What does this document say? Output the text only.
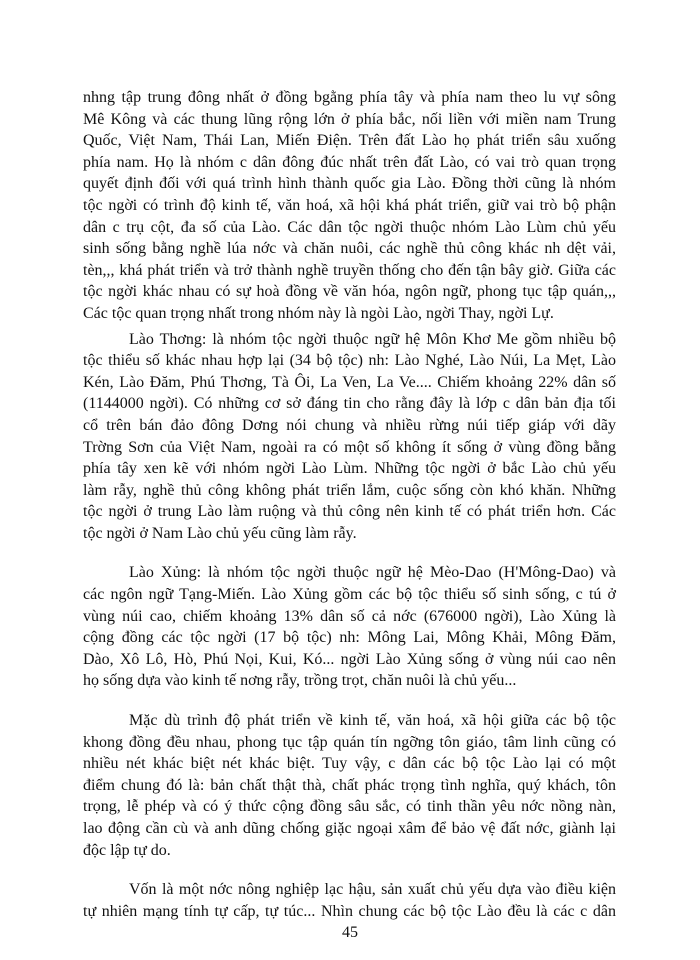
nhng tập trung đông nhất ở đồng bgằng phía tây và phía nam theo lu vự sông
Mê Kông và các thung lũng rộng lớn ở phía bắc, nối liền với miền nam Trung
Quốc, Việt Nam, Thái Lan, Miến Điện. Trên đất Lào họ phát triển sâu xuống
phía nam. Họ là nhóm c dân đông đúc nhất trên đất Lào, có vai trò quan trọng
quyết định đối với quá trình hình thành quốc gia Lào. Đồng thời cũng là nhóm
tộc ngời có trình độ kinh tế, văn hoá, xã hội khá phát triển, giữ vai trò bộ phận
dân c trụ cột, đa số của Lào. Các dân tộc ngời thuộc nhóm Lào Lùm chủ yếu
sinh sống bằng nghề lúa nớc và chăn nuôi, các nghề thủ công khác nh dệt vải,
tèn,,, khá phát triển và trở thành nghề truyền thống cho đến tận bây giờ. Giữa các
tộc ngời khác nhau có sự hoà đồng về văn hóa, ngôn ngữ, phong tục tập quán,,,
Các tộc quan trọng nhất trong nhóm này là ngòi Lào, ngời Thay, ngời Lự.
Lào Thơng: là nhóm tộc ngời thuộc ngữ hệ Môn Khơ Me gồm nhiều bộ
tộc thiểu số khác nhau hợp lại (34 bộ tộc) nh: Lào Nghé, Lào Núi, La Mẹt, Lào
Kén, Lào Đăm, Phú Thơng, Tà Ôi, La Ven, La Ve.... Chiếm khoảng 22% dân số
(1144000 ngời). Có những cơ sở đáng tin cho rằng đây là lớp c dân bản địa tối
cổ trên bán đảo đông Dơng nói chung và nhiều rừng núi tiếp giáp với dãy
Trờng Sơn của Việt Nam, ngoài ra có một số không ít sống ở vùng đồng bằng
phía tây xen kẽ với nhóm ngời Lào Lùm. Những tộc ngời ở bắc Lào chủ yếu
làm rẫy, nghề thủ công không phát triển lắm, cuộc sống còn khó khăn. Những
tộc ngời ở trung Lào làm ruộng và thủ công nên kinh tế có phát triển hơn. Các
tộc ngời ở Nam Lào chủ yếu cũng làm rẫy.
Lào Xủng: là nhóm tộc ngời thuộc ngữ hệ Mèo-Dao (H'Mông-Dao) và
các ngôn ngữ Tạng-Miến. Lào Xủng gồm các bộ tộc thiểu số sinh sống, c tú ở
vùng núi cao, chiếm khoảng 13% dân số cả nớc (676000 ngời), Lào Xủng là
cộng đồng các tộc ngời (17 bộ tộc) nh: Mông Lai, Mông Khải, Mông Đăm,
Dào, Xô Lô, Hò, Phú Nọi, Kui, Kó... ngời Lào Xủng sống ở vùng núi cao nên
họ sống dựa vào kinh tế nơng rẫy, trồng trọt, chăn nuôi là chủ yếu...
Mặc dù trình độ phát triển về kinh tế, văn hoá, xã hội giữa các bộ tộc
khong đồng đều nhau, phong tục tập quán tín ngỡng tôn giáo, tâm linh cũng có
nhiều nét khác biệt nét khác biệt. Tuy vậy, c dân các bộ tộc Lào lại có một
điểm chung đó là: bản chất thật thà, chất phác trọng tình nghĩa, quý khách, tôn
trọng, lễ phép và có ý thức cộng đồng sâu sắc, có tinh thần yêu nớc nồng nàn,
lao động cần cù và anh dũng chống giặc ngoại xâm để bảo vệ đất nớc, giành lại
độc lập tự do.
Vốn là một nớc nông nghiệp lạc hậu, sản xuất chủ yếu dựa vào điều kiện
tự nhiên mạng tính tự cấp, tự túc... Nhìn chung các bộ tộc Lào đều là các c dân
45
